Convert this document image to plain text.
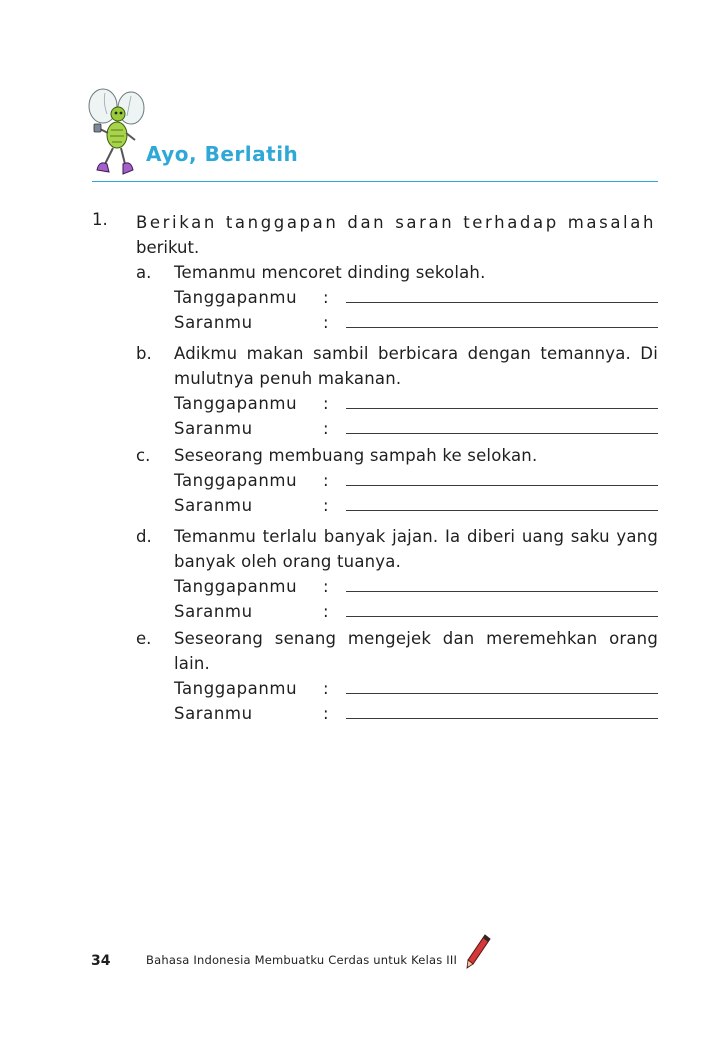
Ayo, Berlatih
1. Berikan tanggapan dan saran terhadap masalah
berikut.
a. Temanmu mencoret dinding sekolah.
Tanggapanmu :
Saranmu	:
b. Adikmu makan sambil berbicara dengan temannya. Di mulutnya penuh makanan.
Tanggapanmu :
Saranmu	:
c. Seseorang membuang sampah ke selokan.
Tanggapanmu :
Saranmu	:
d. Temanmu terlalu banyak jajan. Ia diberi uang saku yang banyak oleh orang tuanya.
Tanggapanmu :
Saranmu	:
e. Seseorang senang mengejek dan meremehkan orang lain.
Tanggapanmu :
Saranmu	:
34	Bahasa Indonesia Membuatku Cerdas untuk Kelas III
